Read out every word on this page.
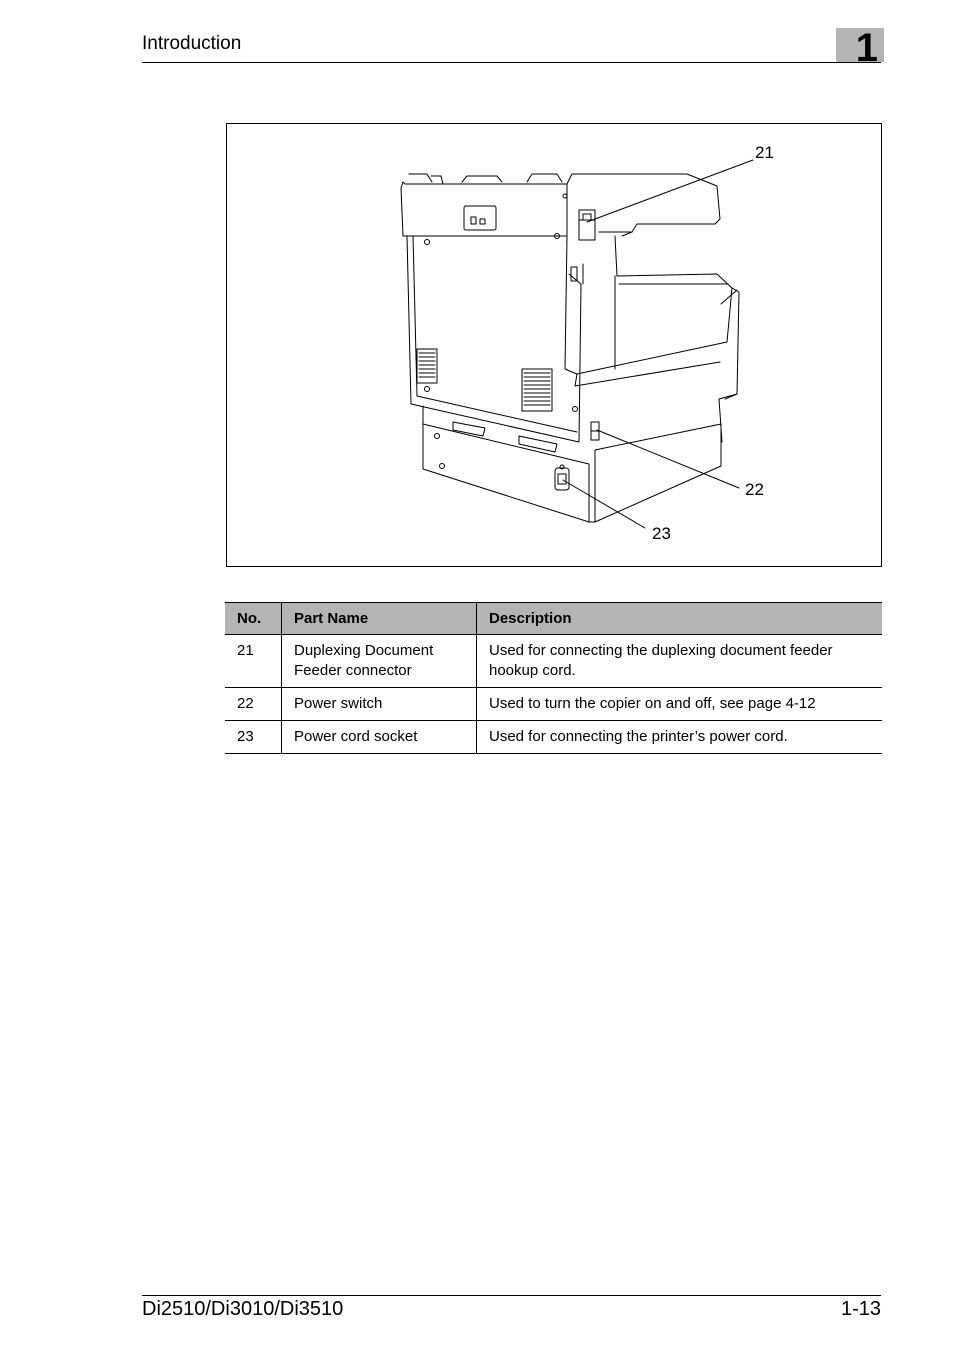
Introduction	1
21
22
23
No.	Part Name	Description
21	Duplexing Document Feeder connector	Used for connecting the duplexing document feeder hookup cord.
22	Power switch	Used to turn the copier on and off, see page 4-12
23	Power cord socket	Used for connecting the printer’s power cord.
Di2510/Di3010/Di3510	1-13
